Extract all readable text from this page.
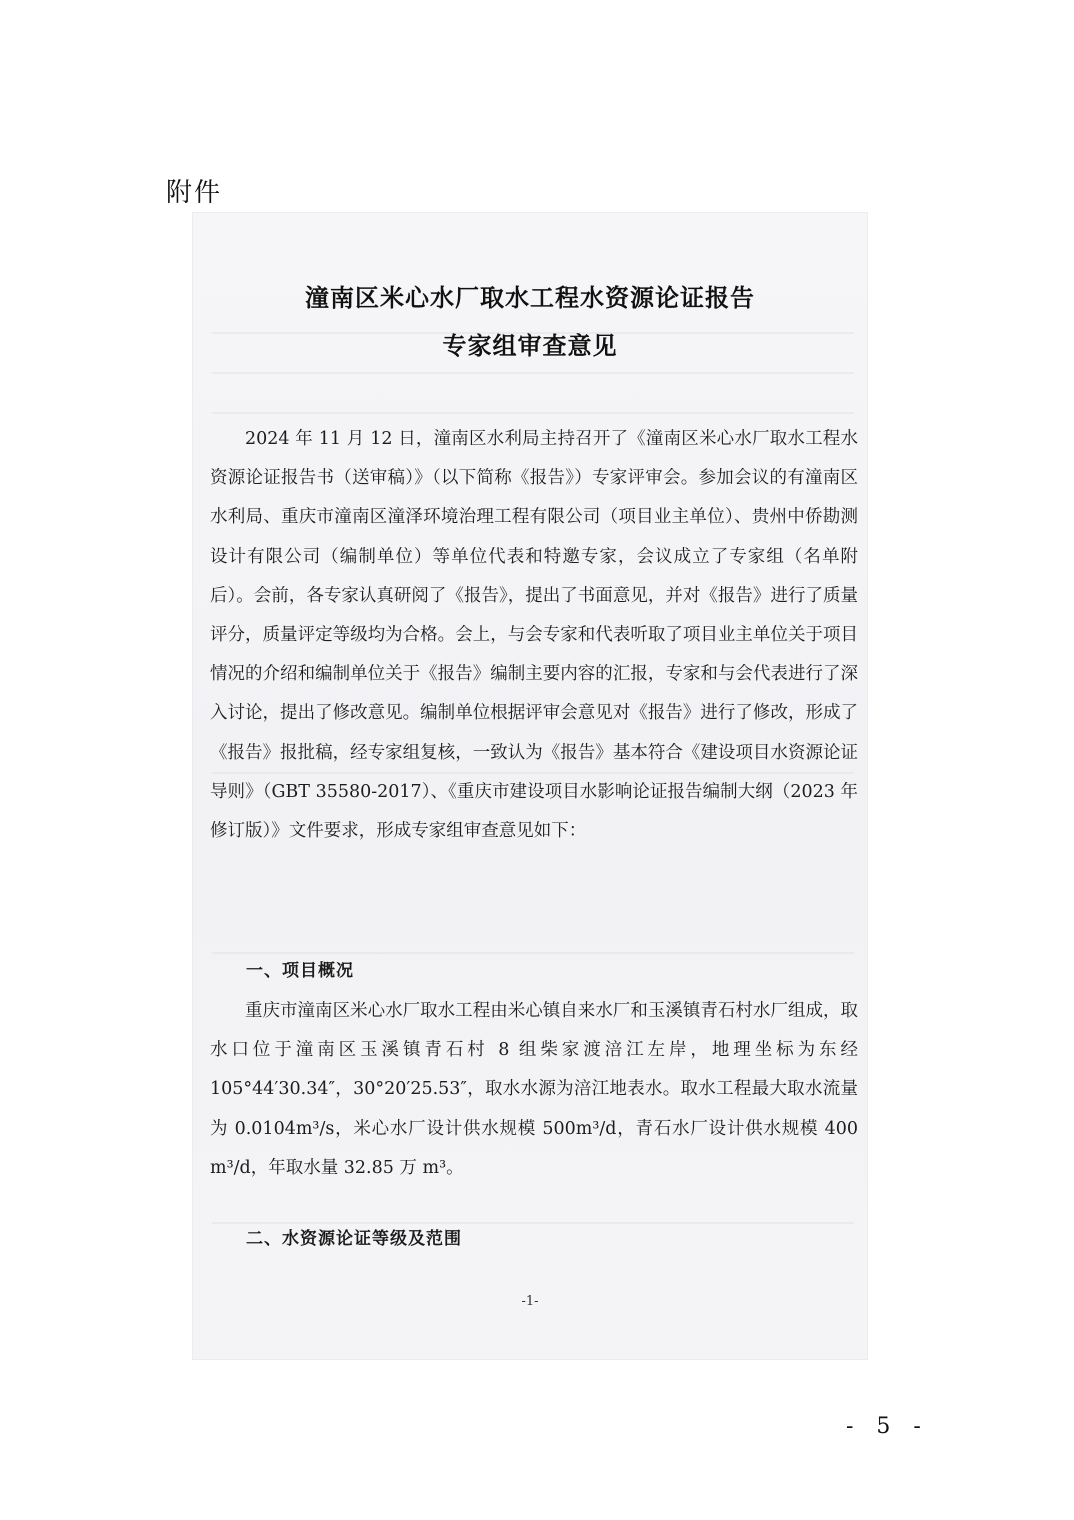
附件
潼南区米心水厂取水工程水资源论证报告
专家组审查意见

2024 年 11 月 12 日，潼南区水利局主持召开了《潼南区米心水厂取水工程水资源论证报告书（送审稿）》（以下简称《报告》）专家评审会。参加会议的有潼南区水利局、重庆市潼南区潼泽环境治理工程有限公司（项目业主单位）、贵州中侨勘测设计有限公司（编制单位）等单位代表和特邀专家，会议成立了专家组（名单附后）。会前，各专家认真研阅了《报告》，提出了书面意见，并对《报告》进行了质量评分，质量评定等级均为合格。会上，与会专家和代表听取了项目业主单位关于项目情况的介绍和编制单位关于《报告》编制主要内容的汇报，专家和与会代表进行了深入讨论，提出了修改意见。编制单位根据评审会意见对《报告》进行了修改，形成了《报告》报批稿，经专家组复核，一致认为《报告》基本符合《建设项目水资源论证导则》（GBT 35580-2017）、《重庆市建设项目水影响论证报告编制大纲（2023 年修订版）》文件要求，形成专家组审查意见如下：

一、项目概况

重庆市潼南区米心水厂取水工程由米心镇自来水厂和玉溪镇青石村水厂组成，取水口位于潼南区玉溪镇青石村 8 组柴家渡涪江左岸，地理坐标为东经 105°44′30.34″，30°20′25.53″，取水水源为涪江地表水。取水工程最大取水流量为 0.0104m³/s，米心水厂设计供水规模 500m³/d，青石水厂设计供水规模 400 m³/d，年取水量 32.85 万 m³。

二、水资源论证等级及范围
-1-
- 5 -
